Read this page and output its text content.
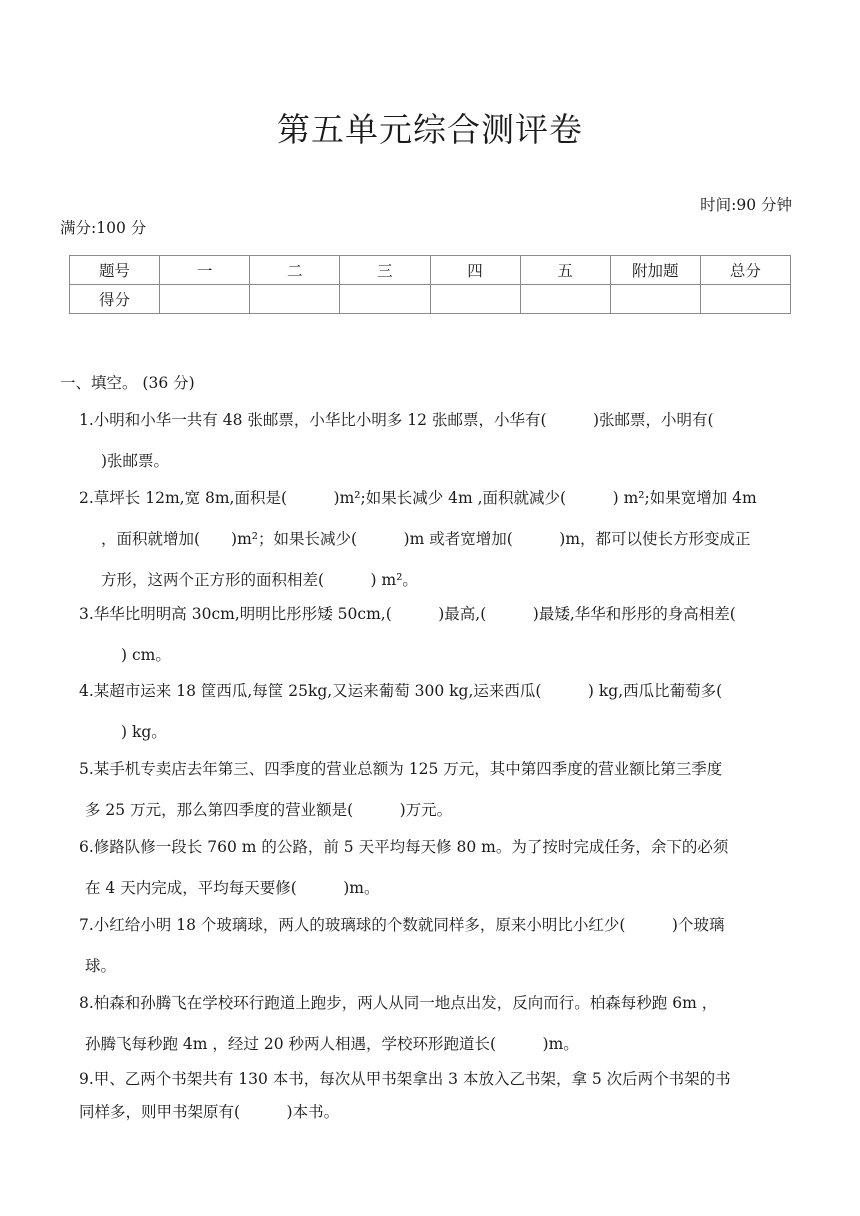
第五单元综合测评卷
时间:90 分钟
满分:100 分
题号	一	二	三	四	五	附加题	总分
得分							
一、填空。 (36 分)
1.小明和小华一共有 48 张邮票，小华比小明多 12 张邮票，小华有(　　　)张邮票，小明有(
)张邮票。
2.草坪长 12m,宽 8m,面积是(　　　)m²;如果长减少 4m ,面积就减少(　　　) m²;如果宽增加 4m
，面积就增加(　　)m²；如果长减少(　　　)m 或者宽增加(　　　)m，都可以使长方形变成正
方形，这两个正方形的面积相差(　　　) m²。
3.华华比明明高 30cm,明明比彤彤矮 50cm,(　　　)最高,(　　　)最矮,华华和彤彤的身高相差(
) cm。
4.某超市运来 18 筐西瓜,每筐 25kg,又运来葡萄 300 kg,运来西瓜(　　　) kg,西瓜比葡萄多(
) kg。
5.某手机专卖店去年第三、四季度的营业总额为 125 万元，其中第四季度的营业额比第三季度
多 25 万元，那么第四季度的营业额是(　　　)万元。
6.修路队修一段长 760 m 的公路，前 5 天平均每天修 80 m。为了按时完成任务，余下的必须
在 4 天内完成，平均每天要修(　　　)m。
7.小红给小明 18 个玻璃球，两人的玻璃球的个数就同样多，原来小明比小红少(　　　)个玻璃
球。
8.柏森和孙腾飞在学校环行跑道上跑步，两人从同一地点出发，反向而行。柏森每秒跑 6m ，
孙腾飞每秒跑 4m ，经过 20 秒两人相遇，学校环形跑道长(　　　)m。
9.甲、乙两个书架共有 130 本书，每次从甲书架拿出 3 本放入乙书架，拿 5 次后两个书架的书
同样多，则甲书架原有(　　　)本书。
